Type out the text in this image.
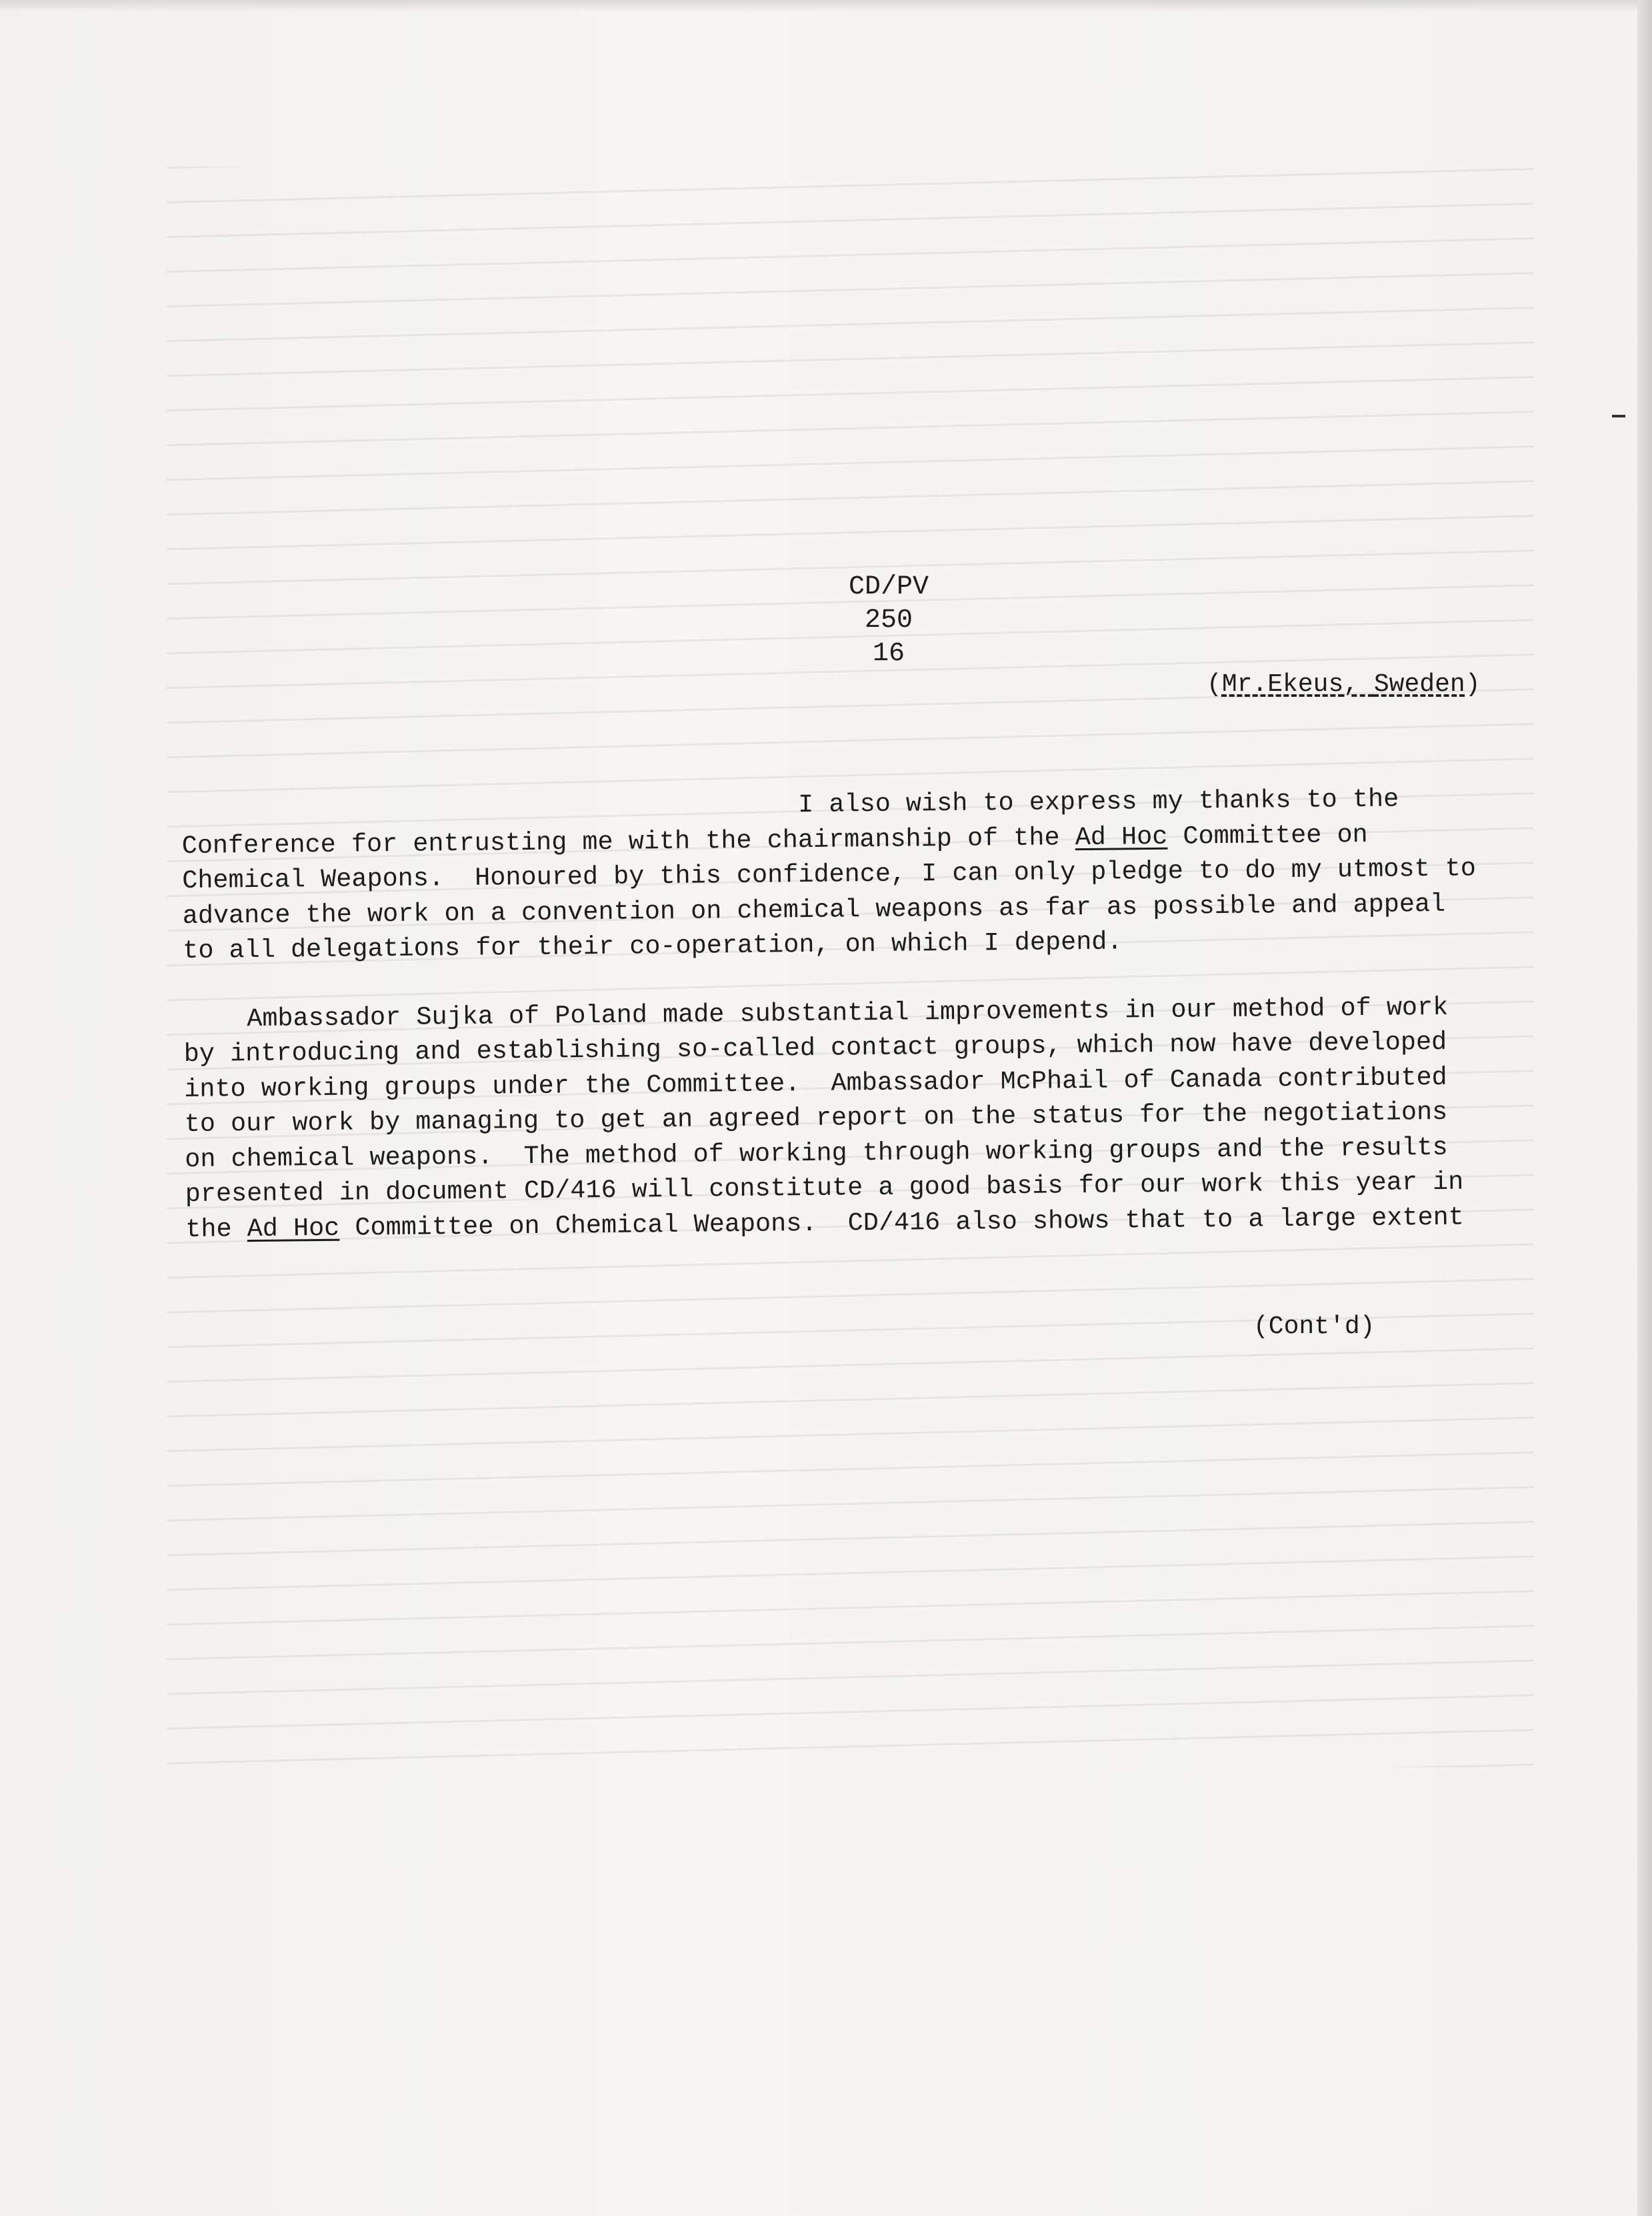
CD/PV 250
16
(Mr.Ekeus, Sweden)
I also wish to express my thanks to the
Conference for entrusting me with the chairmanship of the Ad Hoc Committee on
Chemical Weapons.  Honoured by this confidence, I can only pledge to do my utmost to
advance the work on a convention on chemical weapons as far as possible and appeal
to all delegations for their co-operation, on which I depend.
Ambassador Sujka of Poland made substantial improvements in our method of work
by introducing and establishing so-called contact groups, which now have developed
into working groups under the Committee.  Ambassador McPhail of Canada contributed
to our work by managing to get an agreed report on the status for the negotiations
on chemical weapons.  The method of working through working groups and the results
presented in document CD/416 will constitute a good basis for our work this year in
the Ad Hoc Committee on Chemical Weapons.  CD/416 also shows that to a large extent
(Cont'd)
